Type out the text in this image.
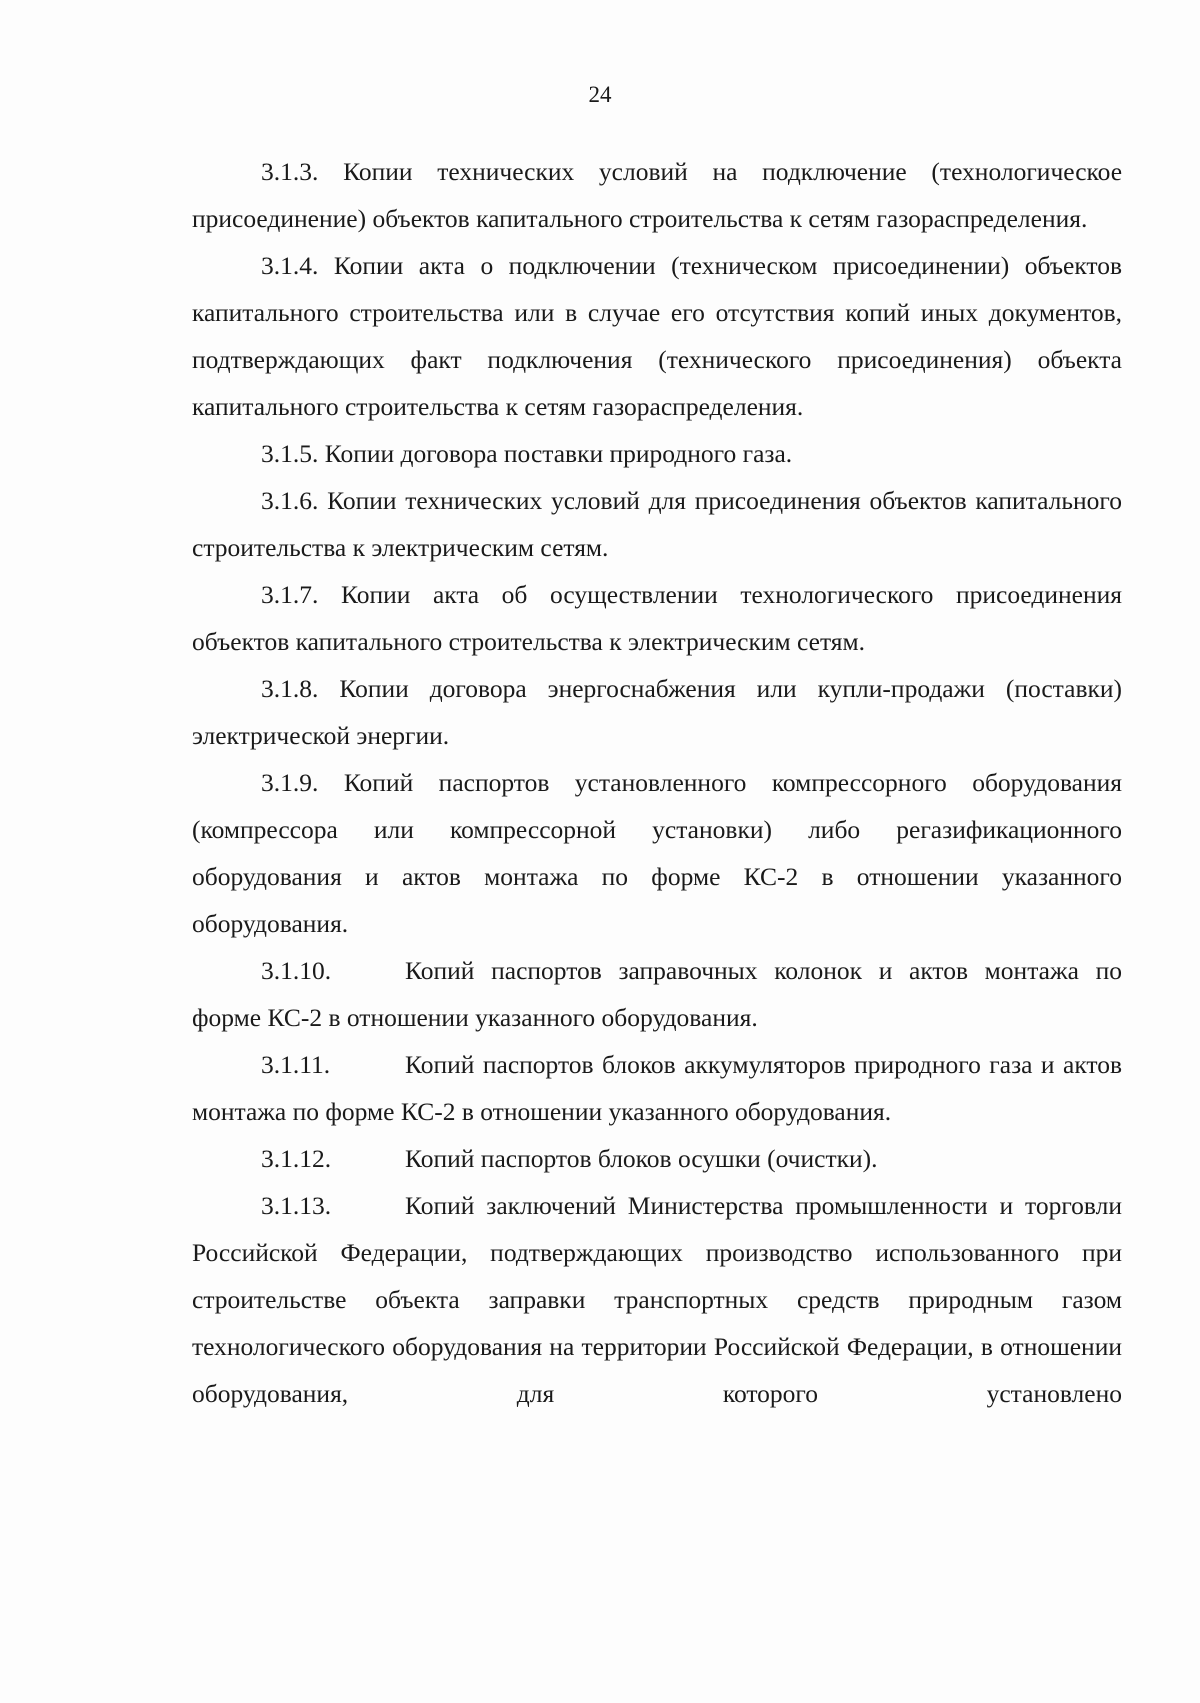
24

3.1.3. Копии технических условий на подключение (технологическое присоединение) объектов капитального строительства к сетям газораспределения.

3.1.4. Копии акта о подключении (техническом присоединении) объектов капитального строительства или в случае его отсутствия копий иных документов, подтверждающих факт подключения (технического присоединения) объекта капитального строительства к сетям газораспределения.

3.1.5. Копии договора поставки природного газа.

3.1.6. Копии технических условий для присоединения объектов капитального строительства к электрическим сетям.

3.1.7. Копии акта об осуществлении технологического присоединения объектов капитального строительства к электрическим сетям.

3.1.8. Копии договора энергоснабжения или купли-продажи (поставки) электрической энергии.

3.1.9. Копий паспортов установленного компрессорного оборудования (компрессора или компрессорной установки) либо регазификационного оборудования и актов монтажа по форме КС-2 в отношении указанного оборудования.

3.1.10.	Копий паспортов заправочных колонок и актов монтажа по форме КС-2 в отношении указанного оборудования.

3.1.11.	Копий паспортов блоков аккумуляторов природного газа и актов монтажа по форме КС-2 в отношении указанного оборудования.

3.1.12.	Копий паспортов блоков осушки (очистки).

3.1.13.	Копий заключений Министерства промышленности и торговли Российской Федерации, подтверждающих производство использованного при строительстве объекта заправки транспортных средств природным газом технологического оборудования на территории Российской Федерации, в отношении оборудования, для которого установлено
